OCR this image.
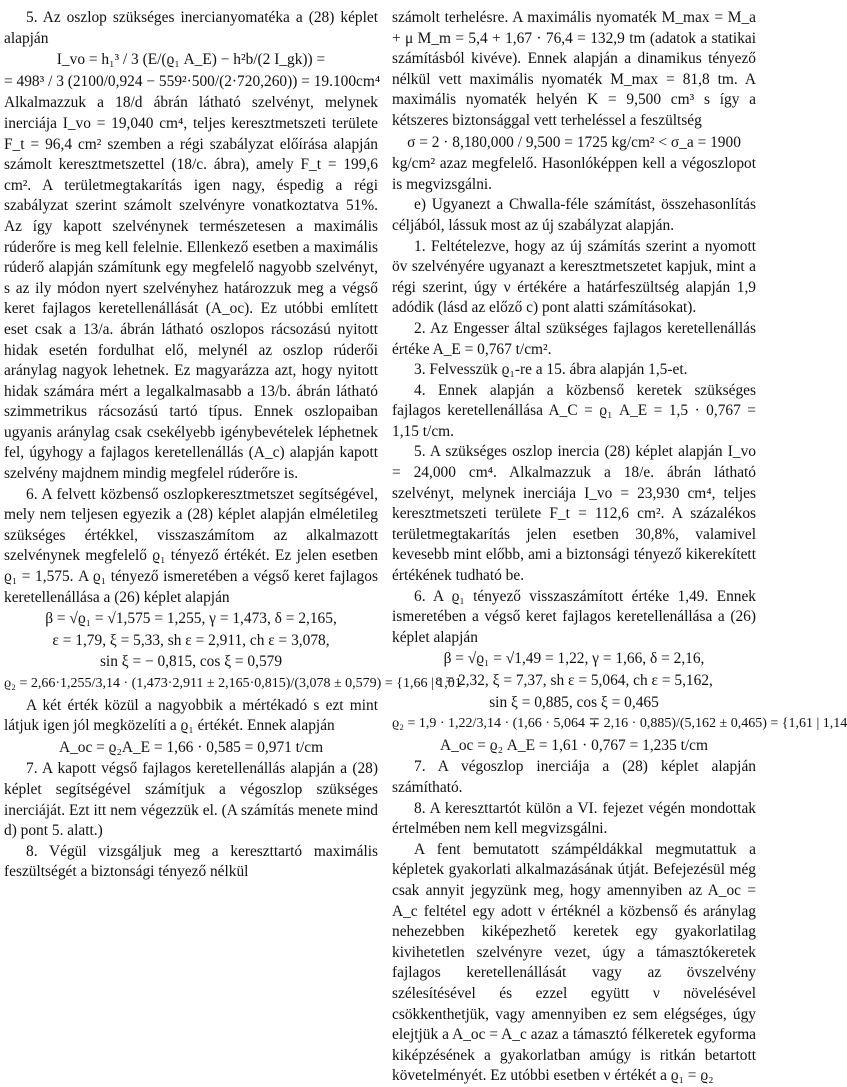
5. Az oszlop szükséges inercianyomatéka a (28) képlet alapján

I_vo = h₁³ / 3 (E/(ϱ₁ A_E) − h²b/(2 I_gk)) =

= 498³ / 3 (2100/0,924 − 559²·500/(2·720,260)) = 19.100cm⁴

Alkalmazzuk a 18/d ábrán látható szelvényt, melynek inerciája I_vo = 19,040 cm⁴, teljes keresztmetszeti területe F_t = 96,4 cm² szemben a régi szabályzat előírása alapján számolt keresztmetszettel (18/c. ábra), amely F_t = 199,6 cm². A területmegtakarítás igen nagy, éspedig a régi szabályzat szerint számolt szelvényre vonatkoztatva 51%. Az így kapott szelvénynek természetesen a maximális rúderőre is meg kell felelnie. Ellenkező esetben a maximális rúderő alapján számítunk egy megfelelő nagyobb szelvényt, s az ily módon nyert szelvényhez határozzuk meg a végső keret fajlagos keretellenállását (A_oc). Ez utóbbi említett eset csak a 13/a. ábrán látható oszlopos rácsozású nyitott hidak esetén fordulhat elő, melynél az oszlop rúderői aránylag nagyok lehetnek. Ez magyarázza azt, hogy nyitott hidak számára mért a legalkalmasabb a 13/b. ábrán látható szimmetrikus rácsozású tartó típus. Ennek oszlopaiban ugyanis aránylag csak csekélyebb igénybevételek léphetnek fel, úgyhogy a fajlagos keretellenállás (A_c) alapján kapott szelvény majdnem mindig megfelel rúderőre is.

6. A felvett közbenső oszlopkeresztmetszet segítségével, mely nem teljesen egyezik a (28) képlet alapján elméletileg szükséges értékkel, visszaszámítom az alkalmazott szelvénynek megfelelő ϱ₁ tényező értékét. Ez jelen esetben ϱ₁ = 1,575. A ϱ₁ tényező ismeretében a végső keret fajlagos keretellenállása a (26) képlet alapján

β = √ϱ₁ = √1,575 = 1,255, γ = 1,473, δ = 2,165,

ε = 1,79, ξ = 5,33, sh ε = 2,911, ch ε = 3,078,

sin ξ = − 0,815, cos ξ = 0,579

ϱ₂ = 2,66·1,255/3,14 · (1,473·2,911 ± 2,165·0,815)/(3,078 ± 0,579) = {1,66 | 1,01

A két érték közül a nagyobbik a mértékadó s ezt mint látjuk igen jól megközelíti a ϱ₁ értékét. Ennek alapján

A_oc = ϱ₂A_E = 1,66 · 0,585 = 0,971 t/cm

7. A kapott végső fajlagos keretellenállás alapján a (28) képlet segítségével számítjuk a végoszlop szükséges inerciáját. Ezt itt nem végezzük el. (A számítás menete mind d) pont 5. alatt.)

8. Végül vizsgáljuk meg a kereszttartó maximális feszültségét a biztonsági tényező nélkül

számolt terhelésre. A maximális nyomaték M_max = M_a + μ M_m = 5,4 + 1,67 · 76,4 = 132,9 tm (adatok a statikai számításból kivéve). Ennek alapján a dinamikus tényező nélkül vett maximális nyomaték M_max = 81,8 tm. A maximális nyomaték helyén K = 9,500 cm³ s így a kétszeres biztonsággal vett terheléssel a feszültség

σ = 2 · 8,180,000 / 9,500 = 1725 kg/cm² < σ_a = 1900

kg/cm² azaz megfelelő. Hasonlóképpen kell a végoszlopot is megvizsgálni.

e) Ugyanezt a Chwalla-féle számítást, összehasonlítás céljából, lássuk most az új szabályzat alapján.

1. Feltételezve, hogy az új számítás szerint a nyomott öv szelvényére ugyanazt a keresztmetszetet kapjuk, mint a régi szerint, úgy ν értékére a határfeszültség alapján 1,9 adódik (lásd az előző c) pont alatti számításokat).

2. Az Engesser által szükséges fajlagos keretellenállás értéke A_E = 0,767 t/cm².

3. Felvesszük ϱ₁-re a 15. ábra alapján 1,5-et.

4. Ennek alapján a közbenső keretek szükséges fajlagos keretellenállása A_C = ϱ₁ A_E = 1,5 · 0,767 = 1,15 t/cm.

5. A szükséges oszlop inercia (28) képlet alapján I_vo = 24,000 cm⁴. Alkalmazzuk a 18/e. ábrán látható szelvényt, melynek inerciája I_vo = 23,930 cm⁴, teljes keresztmetszeti területe F_t = 112,6 cm². A százalékos területmegtakarítás jelen esetben 30,8%, valamivel kevesebb mint előbb, ami a biztonsági tényező kikerekített értékének tudható be.

6. A ϱ₁ tényező visszaszámított értéke 1,49. Ennek ismeretében a végső keret fajlagos keretellenállása a (26) képlet alapján

β = √ϱ₁ = √1,49 = 1,22, γ = 1,66, δ = 2,16,

ε = 2,32, ξ = 7,37, sh ε = 5,064, ch ε = 5,162,

sin ξ = 0,885, cos ξ = 0,465

ϱ₂ = 1,9 · 1,22/3,14 · (1,66 · 5,064 ∓ 2,16 · 0,885)/(5,162 ± 0,465) = {1,61 | 1,14

A_oc = ϱ₂ A_E = 1,61 · 0,767 = 1,235 t/cm

7. A végoszlop inerciája a (28) képlet alapján számítható.

8. A kereszttartót külön a VI. fejezet végén mondottak értelmében nem kell megvizsgálni.

A fent bemutatott számpéldákkal megmutattuk a képletek gyakorlati alkalmazásának útját. Befejezésül még csak annyit jegyzünk meg, hogy amennyiben az A_oc = A_c feltétel egy adott ν értéknél a közbenső és aránylag nehezebben kiképezhető keretek egy gyakorlatilag kivihetetlen szelvényre vezet, úgy a támasztókeretek fajlagos keretellenállását vagy az övszelvény szélesítésével és ezzel együtt ν növelésével csökkenthetjük, vagy amennyiben ez sem elégséges, úgy elejtjük a A_oc = A_c azaz a támasztó félkeretek egyforma kiképzésének a gyakorlatban amúgy is ritkán betartott követelményét. Ez utóbbi esetben ν értékét a ϱ₁ = ϱ₂
